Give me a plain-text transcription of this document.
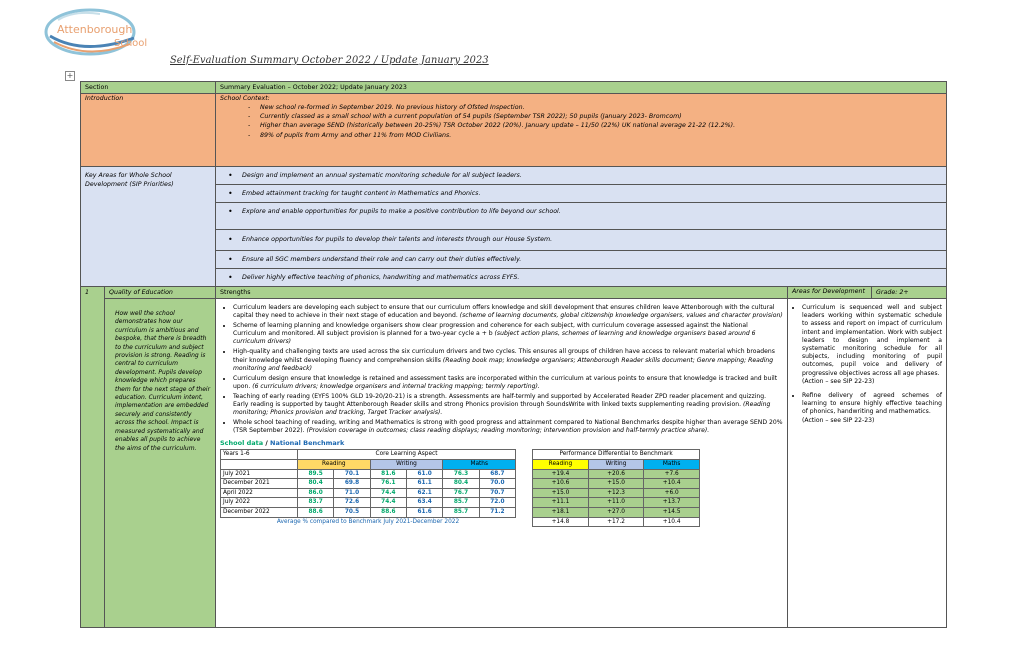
Attenborough
School
Self-Evaluation Summary October 2022 / Update January 2023
+
Section	Summary Evaluation – October 2022; Update January 2023
Introduction	School Context:
- New school re-formed in September 2019. No previous history of Ofsted Inspection.
- Currently classed as a small school with a current population of 54 pupils (September TSR 2022); 50 pupils (January 2023- Bromcom)
- Higher than average SEND (historically between 20-25%) TSR October 2022 (20%). January update – 11/50 (22%) UK national average 21-22 (12.2%).
- 89% of pupils from Army and other 11% from MOD Civilians.

Key Areas for Whole School Development (SIP Priorities)	• Design and implement an annual systematic monitoring schedule for all subject leaders.
• Embed attainment tracking for taught content in Mathematics and Phonics.
• Explore and enable opportunities for pupils to make a positive contribution to life beyond our school.
• Enhance opportunities for pupils to develop their talents and interests through our House System.
• Ensure all SGC members understand their role and can carry out their duties effectively.
• Deliver highly effective teaching of phonics, handwriting and mathematics across EYFS.
1	Quality of Education	Strengths	Areas for Development	Grade: 2+

How well the school demonstrates how our curriculum is ambitious and bespoke, that there is breadth to the curriculum and subject provision is strong. Reading is central to curriculum development. Pupils develop knowledge which prepares them for the next stage of their education. Curriculum intent, implementation are embedded securely and consistently across the school. Impact is measured systematically and enables all pupils to achieve the aims of the curriculum.

• Curriculum leaders are developing each subject to ensure that our curriculum offers knowledge and skill development that ensures children leave Attenborough with the cultural capital they need to achieve in their next stage of education and beyond. (scheme of learning documents, global citizenship knowledge organisers, values and character provision)
• Scheme of learning planning and knowledge organisers show clear progression and coherence for each subject, with curriculum coverage assessed against the National Curriculum and monitored. All subject provision is planned for a two-year cycle a + b (subject action plans, schemes of learning and knowledge organisers based around 6 curriculum drivers)
• High-quality and challenging texts are used across the six curriculum drivers and two cycles. This ensures all groups of children have access to relevant material which broadens their knowledge whilst developing fluency and comprehension skills (Reading book map; knowledge organisers; Attenborough Reader skills document; Genre mapping; Reading monitoring and feedback)
• Curriculum design ensure that knowledge is retained and assessment tasks are incorporated within the curriculum at various points to ensure that knowledge is tracked and built upon. (6 curriculum drivers; knowledge organisers and internal tracking mapping; termly reporting).
• Teaching of early reading (EYFS 100% GLD 19-20/20-21) is a strength. Assessments are half-termly and supported by Accelerated Reader ZPD reader placement and quizzing. Early reading is supported by taught Attenborough Reader skills and strong Phonics provision through SoundsWrite with linked texts supplementing reading provision. (Reading monitoring; Phonics provision and tracking, Target Tracker analysis).
• Whole school teaching of reading, writing and Mathematics is strong with good progress and attainment compared to National Benchmarks despite higher than average SEND 20% (TSR September 2022). (Provision coverage in outcomes; class reading displays; reading monitoring; intervention provision and half-termly practice share).
School data / National Benchmark
Years 1-6	Core Learning Aspect		Performance Differential to Benchmark
	Reading	Writing	Maths		Reading	Writing	Maths
July 2021	89.5	70.1	81.6	61.0	76.3	68.7		+19.4	+20.6	+7.6
December 2021	80.4	69.8	76.1	61.1	80.4	70.0		+10.6	+15.0	+10.4
April 2022	86.0	71.0	74.4	62.1	76.7	70.7		+15.0	+12.3	+6.0
July 2022	83.7	72.6	74.4	63.4	85.7	72.0		+11.1	+11.0	+13.7
December 2022	88.6	70.5	88.6	61.6	85.7	71.2		+18.1	+27.0	+14.5
Average % compared to Benchmark July 2021-December 2022		+14.8	+17.2	+10.4

• Curriculum is sequenced well and subject leaders working within systematic schedule to assess and report on impact of curriculum intent and implementation. Work with subject leaders to design and implement a systematic monitoring schedule for all subjects, including monitoring of pupil outcomes, pupil voice and delivery of progressive objectives across all age phases.
(Action – see SIP 22-23)
• Refine delivery of agreed schemes of learning to ensure highly effective teaching of phonics, handwriting and mathematics.
(Action – see SIP 22-23)
